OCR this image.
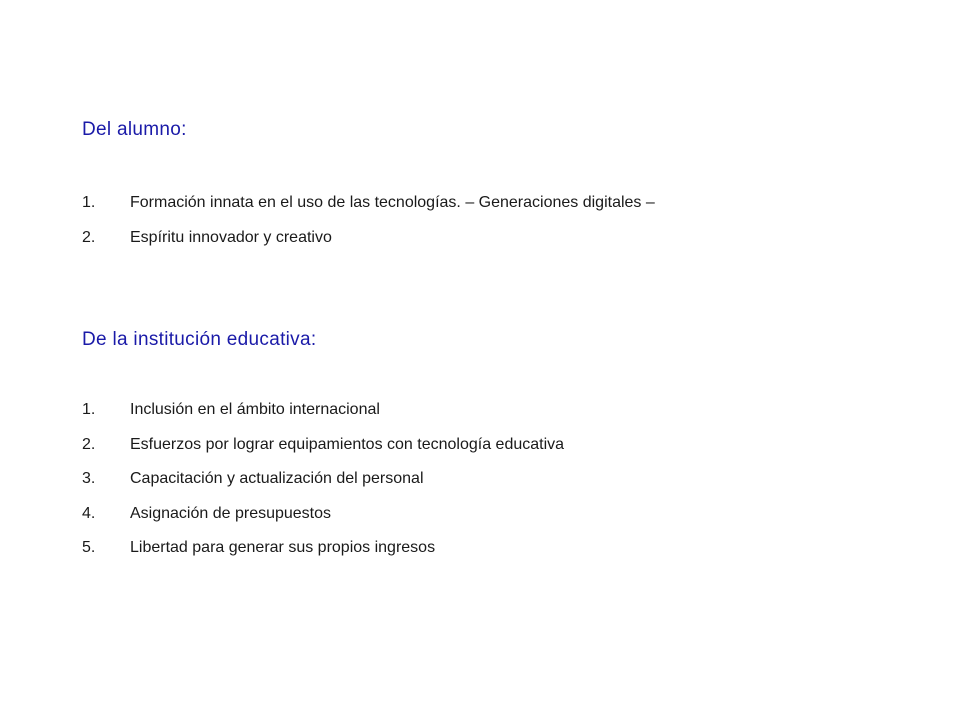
Del alumno:
1.	Formación innata en el uso de las tecnologías. – Generaciones digitales –
2.	Espíritu innovador y creativo
De la institución educativa:
1.	Inclusión en el ámbito internacional
2.	Esfuerzos por lograr equipamientos con tecnología educativa
3.	Capacitación y actualización del personal
4.	Asignación de presupuestos
5.	Libertad para generar sus propios ingresos
